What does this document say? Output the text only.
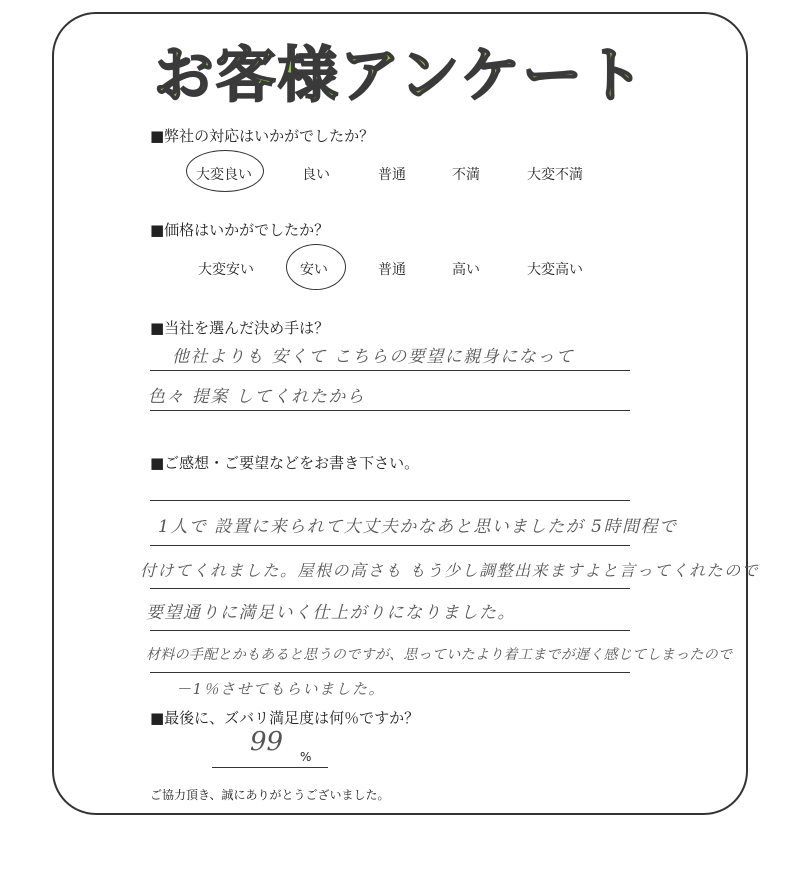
お客様アンケート
■弊社の対応はいかがでしたか？
大変良い	良い	普通	不満	大変不満
■価格はいかがでしたか？
大変安い	安い	普通	高い	大変高い
■当社を選んだ決め手は？
他社よりも 安くて こちらの要望に親身になって
色々 提案 してくれたから
■ご感想・ご要望などをお書き下さい。
1人で 設置に来られて大丈夫かなあと思いましたが 5時間程で
付けてくれました。屋根の高さも もう少し調整出来ますよと言ってくれたので
要望通りに満足いく仕上がりになりました。
材料の手配とかもあると思うのですが、思っていたより着工までが遅く感じてしまったので
－1％させてもらいました。
■最後に、ズバリ満足度は何％ですか？
99 %
ご協力頂き、誠にありがとうございました。
